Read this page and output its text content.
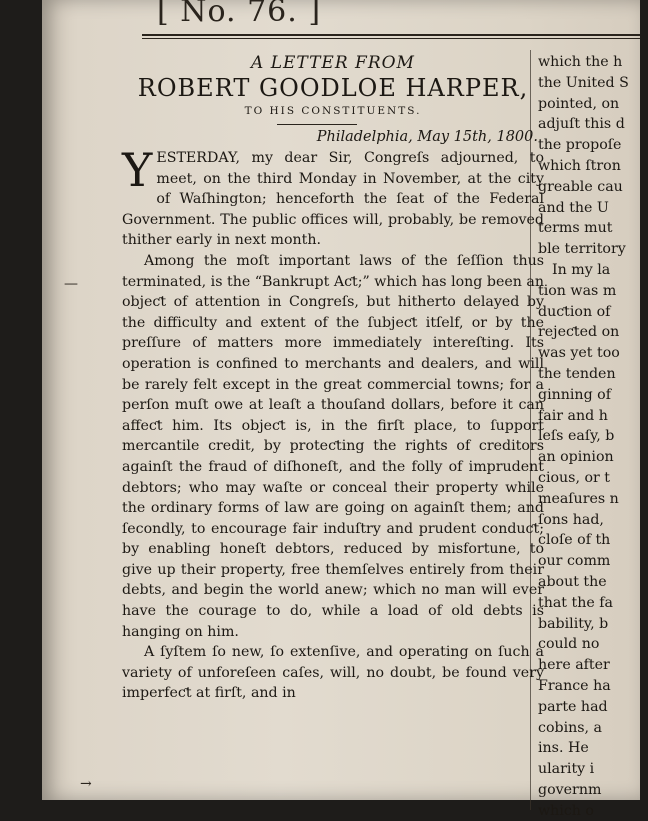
[ No. 76. ]

A LETTER FROM

ROBERT GOODLOE HARPER,

TO HIS CONSTITUENTS.

Philadelphia, May 15th, 1800.

YESTERDAY, my dear Sir, Congreſs adjourned, to meet, on the third Monday in November, at the city of Waſhington; henceforth the ſeat of the Federal Government. The public offices will, probably, be removed thither early in next month.

Among the moſt important laws of the ſeſſion thus terminated, is the “Bankrupt Aƈt;” which has long been an objeƈt of attention in Congreſs, but hitherto delayed by the difficulty and extent of the ſubjeƈt itſelf, or by the preſſure of matters more immediately intereſting. Its operation is confined to merchants and dealers, and will be rarely felt except in the great commercial towns; for a perſon muſt owe at leaſt a thouſand dollars, before it can affeƈt him. Its objeƈt is, in the firſt place, to ſupport mercantile credit, by proteƈting the rights of creditors againſt the fraud of diſhoneſt, and the folly of imprudent debtors; who may waſte or conceal their property while the ordinary forms of law are going on againſt them; and ſecondly, to encourage fair induſtry and prudent conduƈt; by enabling honeſt debtors, reduced by misfortune, to give up their property, free themſelves entirely from their debts, and begin the world anew; which no man will ever have the courage to do, while a load of old debts is hanging on him.

A ſyſtem ſo new, ſo extenſive, and operating on ſuch a variety of unforeſeen caſes, will, no doubt, be found very imperfeƈt at firſt, and in

which the h
the United S
pointed, on
adjuſt this d
the propoſe
which ſtron
greable cau
and the U
terms mut
ble territory
In my la
tion was m
duƈtion of
rejeƈted on
was yet too
the tenden
ginning of
fair and h
leſs eaſy, b
an opinion
cious, or t
meaſures n
ſons had,
cloſe of th
our comm
about the
that the fa
bability, b
could no
here after
France ha
parte had
cobins, a
ins. He
ularity i
governm
which o
—
→
